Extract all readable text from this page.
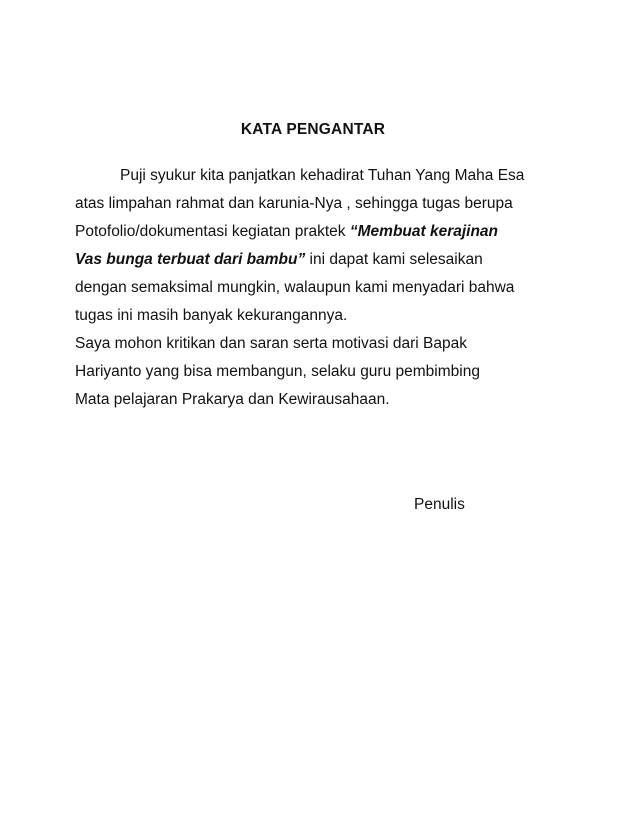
KATA PENGANTAR
Puji syukur kita panjatkan kehadirat Tuhan Yang Maha Esa
atas limpahan rahmat dan karunia-Nya , sehingga tugas berupa
Potofolio/dokumentasi kegiatan praktek “Membuat kerajinan
Vas bunga terbuat dari bambu” ini dapat kami selesaikan
dengan semaksimal mungkin, walaupun kami menyadari bahwa
tugas ini masih banyak kekurangannya.
Saya mohon kritikan dan saran serta motivasi dari Bapak
Hariyanto yang bisa membangun, selaku guru pembimbing
Mata pelajaran Prakarya dan Kewirausahaan.
Penulis
